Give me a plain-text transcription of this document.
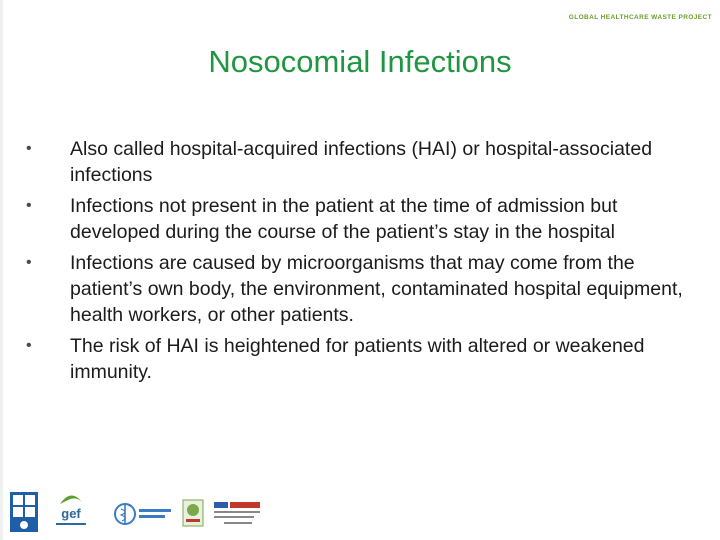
GLOBAL HEALTHCARE WASTE PROJECT
Nosocomial Infections
•	Also called hospital-acquired infections (HAI) or hospital-associated infections
•	Infections not present in the patient at the time of admission but developed during the course of the patient’s stay in the hospital
•	Infections are caused by microorganisms that may come from the patient’s own body, the environment, contaminated hospital equipment, health workers, or other patients.
•	The risk of HAI is heightened for patients with altered or weakened immunity.
gef
